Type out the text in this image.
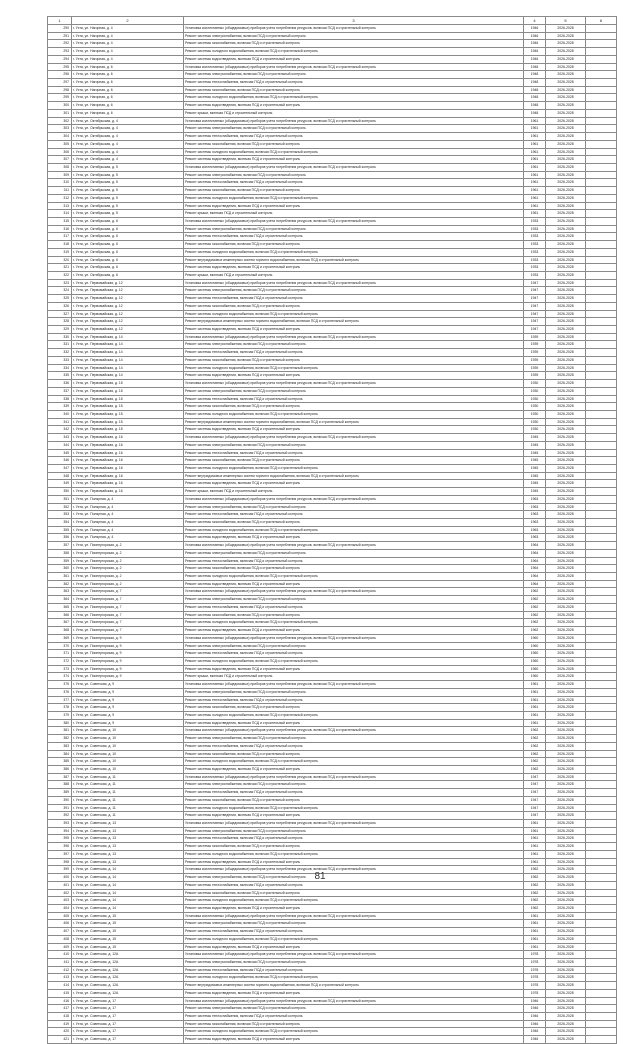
1	2	3	4	5	6
290	г. Ухта, ул. Нагорная, д. 4	Установка коллективных (общедомовых) приборов учета потребления ресурсов, включая ПСД и строительный контроль	1946	2026-2028	
291	г. Ухта, ул. Нагорная, д. 4	Ремонт системы электроснабжения, включая ПСД и строительный контроль	1946	2026-2028	
292	г. Ухта, ул. Нагорная, д. 4	Ремонт системы газоснабжения, включая ПСД и строительный контроль	1946	2026-2028	
293	г. Ухта, ул. Нагорная, д. 4	Ремонт системы холодного водоснабжения, включая ПСД и строительный контроль	1946	2026-2028	
294	г. Ухта, ул. Нагорная, д. 4	Ремонт системы водоотведения, включая ПСД и строительный контроль	1946	2026-2028	
295	г. Ухта, ул. Нагорная, д. 6	Установка коллективных (общедомовых) приборов учета потребления ресурсов, включая ПСД и строительный контроль	1948	2026-2028	
296	г. Ухта, ул. Нагорная, д. 6	Ремонт системы электроснабжения, включая ПСД и строительный контроль	1948	2026-2028	
297	г. Ухта, ул. Нагорная, д. 6	Ремонт системы теплоснабжения, включая ПСД и строительный контроль	1948	2026-2028	
298	г. Ухта, ул. Нагорная, д. 6	Ремонт системы газоснабжения, включая ПСД и строительный контроль	1948	2026-2028	
299	г. Ухта, ул. Нагорная, д. 6	Ремонт системы холодного водоснабжения, включая ПСД и строительный контроль	1948	2026-2028	
300	г. Ухта, ул. Нагорная, д. 6	Ремонт системы водоотведения, включая ПСД и строительный контроль	1948	2026-2028	
301	г. Ухта, ул. Нагорная, д. 6	Ремонт крыши, включая ПСД и строительный контроль	1948	2026-2028	
302	г. Ухта, ул. Октябрьская, д. 4	Установка коллективных (общедомовых) приборов учета потребления ресурсов, включая ПСД и строительный контроль	1961	2026-2028	
303	г. Ухта, ул. Октябрьская, д. 4	Ремонт системы электроснабжения, включая ПСД и строительный контроль	1961	2026-2028	
304	г. Ухта, ул. Октябрьская, д. 4	Ремонт системы теплоснабжения, включая ПСД и строительный контроль	1961	2026-2028	
305	г. Ухта, ул. Октябрьская, д. 4	Ремонт системы газоснабжения, включая ПСД и строительный контроль	1961	2026-2028	
306	г. Ухта, ул. Октябрьская, д. 4	Ремонт системы холодного водоснабжения, включая ПСД и строительный контроль	1961	2026-2028	
307	г. Ухта, ул. Октябрьская, д. 4	Ремонт системы водоотведения, включая ПСД и строительный контроль	1961	2026-2028	
308	г. Ухта, ул. Октябрьская, д. 5	Установка коллективных (общедомовых) приборов учета потребления ресурсов, включая ПСД и строительный контроль	1961	2026-2028	
309	г. Ухта, ул. Октябрьская, д. 5	Ремонт системы электроснабжения, включая ПСД и строительный контроль	1961	2026-2028	
310	г. Ухта, ул. Октябрьская, д. 5	Ремонт системы теплоснабжения, включая ПСД и строительный контроль	1961	2026-2028	
311	г. Ухта, ул. Октябрьская, д. 5	Ремонт системы газоснабжения, включая ПСД и строительный контроль	1961	2026-2028	
312	г. Ухта, ул. Октябрьская, д. 5	Ремонт системы холодного водоснабжения, включая ПСД и строительный контроль	1961	2026-2028	
313	г. Ухта, ул. Октябрьская, д. 5	Ремонт системы водоотведения, включая ПСД и строительный контроль	1961	2026-2028	
314	г. Ухта, ул. Октябрьская, д. 5	Ремонт крыши, включая ПСД и строительный контроль	1961	2026-2028	
315	г. Ухта, ул. Октябрьская, д. 6	Установка коллективных (общедомовых) приборов учета потребления ресурсов, включая ПСД и строительный контроль	1933	2026-2028	
316	г. Ухта, ул. Октябрьская, д. 6	Ремонт системы электроснабжения, включая ПСД и строительный контроль	1933	2026-2028	
317	г. Ухта, ул. Октябрьская, д. 6	Ремонт системы теплоснабжения, включая ПСД и строительный контроль	1933	2026-2028	
318	г. Ухта, ул. Октябрьская, д. 6	Ремонт системы газоснабжения, включая ПСД и строительный контроль	1933	2026-2028	
319	г. Ухта, ул. Октябрьская, д. 6	Ремонт системы холодного водоснабжения, включая ПСД и строительный контроль	1933	2026-2028	
320	г. Ухта, ул. Октябрьская, д. 6	Ремонт внутридомовых инженерных систем горячего водоснабжения, включая ПСД и строительный контроль	1933	2026-2028	
321	г. Ухта, ул. Октябрьская, д. 6	Ремонт системы водоотведения, включая ПСД и строительный контроль	1933	2026-2028	
322	г. Ухта, ул. Октябрьская, д. 6	Ремонт крыши, включая ПСД и строительный контроль	1933	2026-2028	
323	г. Ухта, ул. Первомайская, д. 12	Установка коллективных (общедомовых) приборов учета потребления ресурсов, включая ПСД и строительный контроль	1947	2026-2028	
324	г. Ухта, ул. Первомайская, д. 12	Ремонт системы электроснабжения, включая ПСД и строительный контроль	1947	2026-2028	
325	г. Ухта, ул. Первомайская, д. 12	Ремонт системы теплоснабжения, включая ПСД и строительный контроль	1947	2026-2028	
326	г. Ухта, ул. Первомайская, д. 12	Ремонт системы газоснабжения, включая ПСД и строительный контроль	1947	2026-2028	
327	г. Ухта, ул. Первомайская, д. 12	Ремонт системы холодного водоснабжения, включая ПСД и строительный контроль	1947	2026-2028	
328	г. Ухта, ул. Первомайская, д. 12	Ремонт внутридомовых инженерных систем горячего водоснабжения, включая ПСД и строительный контроль	1947	2026-2028	
329	г. Ухта, ул. Первомайская, д. 12	Ремонт системы водоотведения, включая ПСД и строительный контроль	1947	2026-2028	
330	г. Ухта, ул. Первомайская, д. 14	Установка коллективных (общедомовых) приборов учета потребления ресурсов, включая ПСД и строительный контроль	1939	2026-2028	
331	г. Ухта, ул. Первомайская, д. 14	Ремонт системы электроснабжения, включая ПСД и строительный контроль	1939	2026-2028	
332	г. Ухта, ул. Первомайская, д. 14	Ремонт системы теплоснабжения, включая ПСД и строительный контроль	1939	2026-2028	
333	г. Ухта, ул. Первомайская, д. 14	Ремонт системы газоснабжения, включая ПСД и строительный контроль	1939	2026-2028	
334	г. Ухта, ул. Первомайская, д. 14	Ремонт системы холодного водоснабжения, включая ПСД и строительный контроль	1939	2026-2028	
335	г. Ухта, ул. Первомайская, д. 14	Ремонт системы водоотведения, включая ПСД и строительный контроль	1939	2026-2028	
336	г. Ухта, ул. Первомайская, д. 15	Установка коллективных (общедомовых) приборов учета потребления ресурсов, включая ПСД и строительный контроль	1930	2026-2028	
337	г. Ухта, ул. Первомайская, д. 15	Ремонт системы электроснабжения, включая ПСД и строительный контроль	1930	2026-2028	
338	г. Ухта, ул. Первомайская, д. 15	Ремонт системы теплоснабжения, включая ПСД и строительный контроль	1930	2026-2028	
339	г. Ухта, ул. Первомайская, д. 15	Ремонт системы газоснабжения, включая ПСД и строительный контроль	1930	2026-2028	
340	г. Ухта, ул. Первомайская, д. 15	Ремонт системы холодного водоснабжения, включая ПСД и строительный контроль	1930	2026-2028	
341	г. Ухта, ул. Первомайская, д. 15	Ремонт внутридомовых инженерных систем горячего водоснабжения, включая ПСД и строительный контроль	1930	2026-2028	
342	г. Ухта, ул. Первомайская, д. 15	Ремонт системы водоотведения, включая ПСД и строительный контроль	1930	2026-2028	
343	г. Ухта, ул. Первомайская, д. 16	Установка коллективных (общедомовых) приборов учета потребления ресурсов, включая ПСД и строительный контроль	1945	2026-2028	
344	г. Ухта, ул. Первомайская, д. 16	Ремонт системы электроснабжения, включая ПСД и строительный контроль	1945	2026-2028	
345	г. Ухта, ул. Первомайская, д. 16	Ремонт системы теплоснабжения, включая ПСД и строительный контроль	1945	2026-2028	
346	г. Ухта, ул. Первомайская, д. 16	Ремонт системы газоснабжения, включая ПСД и строительный контроль	1945	2026-2028	
347	г. Ухта, ул. Первомайская, д. 16	Ремонт системы холодного водоснабжения, включая ПСД и строительный контроль	1945	2026-2028	
348	г. Ухта, ул. Первомайская, д. 16	Ремонт внутридомовых инженерных систем горячего водоснабжения, включая ПСД и строительный контроль	1945	2026-2028	
349	г. Ухта, ул. Первомайская, д. 16	Ремонт системы водоотведения, включая ПСД и строительный контроль	1945	2026-2028	
350	г. Ухта, ул. Первомайская, д. 16	Ремонт крыши, включая ПСД и строительный контроль	1945	2026-2028	
351	г. Ухта, ул. Полярная, д. 4	Установка коллективных (общедомовых) приборов учета потребления ресурсов, включая ПСД и строительный контроль	1963	2026-2028	
352	г. Ухта, ул. Полярная, д. 4	Ремонт системы электроснабжения, включая ПСД и строительный контроль	1963	2026-2028	
353	г. Ухта, ул. Полярная, д. 4	Ремонт системы теплоснабжения, включая ПСД и строительный контроль	1963	2026-2028	
354	г. Ухта, ул. Полярная, д. 4	Ремонт системы газоснабжения, включая ПСД и строительный контроль	1963	2026-2028	
355	г. Ухта, ул. Полярная, д. 4	Ремонт системы холодного водоснабжения, включая ПСД и строительный контроль	1963	2026-2028	
356	г. Ухта, ул. Полярная, д. 4	Ремонт системы водоотведения, включая ПСД и строительный контроль	1963	2026-2028	
357	г. Ухта, ул. Пионергорская, д. 2	Установка коллективных (общедомовых) приборов учета потребления ресурсов, включая ПСД и строительный контроль	1964	2026-2028	
358	г. Ухта, ул. Пионергорская, д. 2	Ремонт системы электроснабжения, включая ПСД и строительный контроль	1964	2026-2028	
359	г. Ухта, ул. Пионергорская, д. 2	Ремонт системы теплоснабжения, включая ПСД и строительный контроль	1964	2026-2028	
360	г. Ухта, ул. Пионергорская, д. 2	Ремонт системы газоснабжения, включая ПСД и строительный контроль	1964	2026-2028	
361	г. Ухта, ул. Пионергорская, д. 2	Ремонт системы холодного водоснабжения, включая ПСД и строительный контроль	1964	2026-2028	
362	г. Ухта, ул. Пионергорская, д. 2	Ремонт системы водоотведения, включая ПСД и строительный контроль	1964	2026-2028	
363	г. Ухта, ул. Пионергорская, д. 7	Установка коллективных (общедомовых) приборов учета потребления ресурсов, включая ПСД и строительный контроль	1962	2026-2028	
364	г. Ухта, ул. Пионергорская, д. 7	Ремонт системы электроснабжения, включая ПСД и строительный контроль	1962	2026-2028	
365	г. Ухта, ул. Пионергорская, д. 7	Ремонт системы теплоснабжения, включая ПСД и строительный контроль	1962	2026-2028	
366	г. Ухта, ул. Пионергорская, д. 7	Ремонт системы газоснабжения, включая ПСД и строительный контроль	1962	2026-2028	
367	г. Ухта, ул. Пионергорская, д. 7	Ремонт системы холодного водоснабжения, включая ПСД и строительный контроль	1962	2026-2028	
368	г. Ухта, ул. Пионергорская, д. 7	Ремонт системы водоотведения, включая ПСД и строительный контроль	1962	2026-2028	
369	г. Ухта, ул. Пионергорская, д. 9	Установка коллективных (общедомовых) приборов учета потребления ресурсов, включая ПСД и строительный контроль	1960	2026-2028	
370	г. Ухта, ул. Пионергорская, д. 9	Ремонт системы электроснабжения, включая ПСД и строительный контроль	1960	2026-2028	
371	г. Ухта, ул. Пионергорская, д. 9	Ремонт системы теплоснабжения, включая ПСД и строительный контроль	1960	2026-2028	
372	г. Ухта, ул. Пионергорская, д. 9	Ремонт системы холодного водоснабжения, включая ПСД и строительный контроль	1960	2026-2028	
373	г. Ухта, ул. Пионергорская, д. 9	Ремонт системы водоотведения, включая ПСД и строительный контроль	1960	2026-2028	
374	г. Ухта, ул. Пионергорская, д. 9	Ремонт крыши, включая ПСД и строительный контроль	1960	2026-2028	
375	г. Ухта, ул. Советская, д. 9	Установка коллективных (общедомовых) приборов учета потребления ресурсов, включая ПСД и строительный контроль	1961	2026-2028	
376	г. Ухта, ул. Советская, д. 9	Ремонт системы электроснабжения, включая ПСД и строительный контроль	1961	2026-2028	
377	г. Ухта, ул. Советская, д. 9	Ремонт системы теплоснабжения, включая ПСД и строительный контроль	1961	2026-2028	
378	г. Ухта, ул. Советская, д. 9	Ремонт системы газоснабжения, включая ПСД и строительный контроль	1961	2026-2028	
379	г. Ухта, ул. Советская, д. 9	Ремонт системы холодного водоснабжения, включая ПСД и строительный контроль	1961	2026-2028	
380	г. Ухта, ул. Советская, д. 9	Ремонт системы водоотведения, включая ПСД и строительный контроль	1961	2026-2028	
381	г. Ухта, ул. Советская, д. 10	Установка коллективных (общедомовых) приборов учета потребления ресурсов, включая ПСД и строительный контроль	1962	2026-2028	
382	г. Ухта, ул. Советская, д. 10	Ремонт системы электроснабжения, включая ПСД и строительный контроль	1962	2026-2028	
383	г. Ухта, ул. Советская, д. 10	Ремонт системы теплоснабжения, включая ПСД и строительный контроль	1962	2026-2028	
384	г. Ухта, ул. Советская, д. 10	Ремонт системы газоснабжения, включая ПСД и строительный контроль	1962	2026-2028	
385	г. Ухта, ул. Советская, д. 10	Ремонт системы холодного водоснабжения, включая ПСД и строительный контроль	1962	2026-2028	
386	г. Ухта, ул. Советская, д. 10	Ремонт системы водоотведения, включая ПСД и строительный контроль	1962	2026-2028	
387	г. Ухта, ул. Советская, д. 11	Установка коллективных (общедомовых) приборов учета потребления ресурсов, включая ПСД и строительный контроль	1947	2026-2028	
388	г. Ухта, ул. Советская, д. 11	Ремонт системы электроснабжения, включая ПСД и строительный контроль	1947	2026-2028	
389	г. Ухта, ул. Советская, д. 11	Ремонт системы теплоснабжения, включая ПСД и строительный контроль	1947	2026-2028	
390	г. Ухта, ул. Советская, д. 11	Ремонт системы газоснабжения, включая ПСД и строительный контроль	1947	2026-2028	
391	г. Ухта, ул. Советская, д. 11	Ремонт системы холодного водоснабжения, включая ПСД и строительный контроль	1947	2026-2028	
392	г. Ухта, ул. Советская, д. 11	Ремонт системы водоотведения, включая ПСД и строительный контроль	1947	2026-2028	
393	г. Ухта, ул. Советская, д. 13	Установка коллективных (общедомовых) приборов учета потребления ресурсов, включая ПСД и строительный контроль	1961	2026-2028	
394	г. Ухта, ул. Советская, д. 13	Ремонт системы электроснабжения, включая ПСД и строительный контроль	1961	2026-2028	
395	г. Ухта, ул. Советская, д. 13	Ремонт системы теплоснабжения, включая ПСД и строительный контроль	1961	2026-2028	
396	г. Ухта, ул. Советская, д. 13	Ремонт системы газоснабжения, включая ПСД и строительный контроль	1961	2026-2028	
397	г. Ухта, ул. Советская, д. 13	Ремонт системы холодного водоснабжения, включая ПСД и строительный контроль	1961	2026-2028	
398	г. Ухта, ул. Советская, д. 13	Ремонт системы водоотведения, включая ПСД и строительный контроль	1961	2026-2028	
399	г. Ухта, ул. Советская, д. 14	Установка коллективных (общедомовых) приборов учета потребления ресурсов, включая ПСД и строительный контроль	1962	2026-2028	
400	г. Ухта, ул. Советская, д. 14	Ремонт системы электроснабжения, включая ПСД и строительный контроль	1962	2026-2028	
401	г. Ухта, ул. Советская, д. 14	Ремонт системы теплоснабжения, включая ПСД и строительный контроль	1962	2026-2028	
402	г. Ухта, ул. Советская, д. 14	Ремонт системы газоснабжения, включая ПСД и строительный контроль	1962	2026-2028	
403	г. Ухта, ул. Советская, д. 14	Ремонт системы холодного водоснабжения, включая ПСД и строительный контроль	1962	2026-2028	
404	г. Ухта, ул. Советская, д. 14	Ремонт системы водоотведения, включая ПСД и строительный контроль	1962	2026-2028	
405	г. Ухта, ул. Советская, д. 15	Установка коллективных (общедомовых) приборов учета потребления ресурсов, включая ПСД и строительный контроль	1961	2026-2028	
406	г. Ухта, ул. Советская, д. 15	Ремонт системы электроснабжения, включая ПСД и строительный контроль	1961	2026-2028	
407	г. Ухта, ул. Советская, д. 15	Ремонт системы теплоснабжения, включая ПСД и строительный контроль	1961	2026-2028	
408	г. Ухта, ул. Советская, д. 15	Ремонт системы холодного водоснабжения, включая ПСД и строительный контроль	1961	2026-2028	
409	г. Ухта, ул. Советская, д. 15	Ремонт системы водоотведения, включая ПСД и строительный контроль	1961	2026-2028	
410	г. Ухта, ул. Советская, д. 12А	Установка коллективных (общедомовых) приборов учета потребления ресурсов, включая ПСД и строительный контроль	1978	2026-2028	
411	г. Ухта, ул. Советская, д. 12А	Ремонт системы электроснабжения, включая ПСД и строительный контроль	1978	2026-2028	
412	г. Ухта, ул. Советская, д. 12А	Ремонт системы теплоснабжения, включая ПСД и строительный контроль	1978	2026-2028	
413	г. Ухта, ул. Советская, д. 12А	Ремонт системы холодного водоснабжения, включая ПСД и строительный контроль	1978	2026-2028	
414	г. Ухта, ул. Советская, д. 12А	Ремонт внутридомовых инженерных систем горячего водоснабжения, включая ПСД и строительный контроль	1978	2026-2028	
415	г. Ухта, ул. Советская, д. 12А	Ремонт системы водоотведения, включая ПСД и строительный контроль	1978	2026-2028	
416	г. Ухта, ул. Советская, д. 17	Установка коллективных (общедомовых) приборов учета потребления ресурсов, включая ПСД и строительный контроль	1946	2026-2028	
417	г. Ухта, ул. Советская, д. 17	Ремонт системы электроснабжения, включая ПСД и строительный контроль	1946	2026-2028	
418	г. Ухта, ул. Советская, д. 17	Ремонт системы теплоснабжения, включая ПСД и строительный контроль	1946	2026-2028	
419	г. Ухта, ул. Советская, д. 17	Ремонт системы газоснабжения, включая ПСД и строительный контроль	1946	2026-2028	
420	г. Ухта, ул. Советская, д. 17	Ремонт системы холодного водоснабжения, включая ПСД и строительный контроль	1946	2026-2028	
421	г. Ухта, ул. Советская, д. 17	Ремонт системы водоотведения, включая ПСД и строительный контроль	1946	2026-2028	
81
